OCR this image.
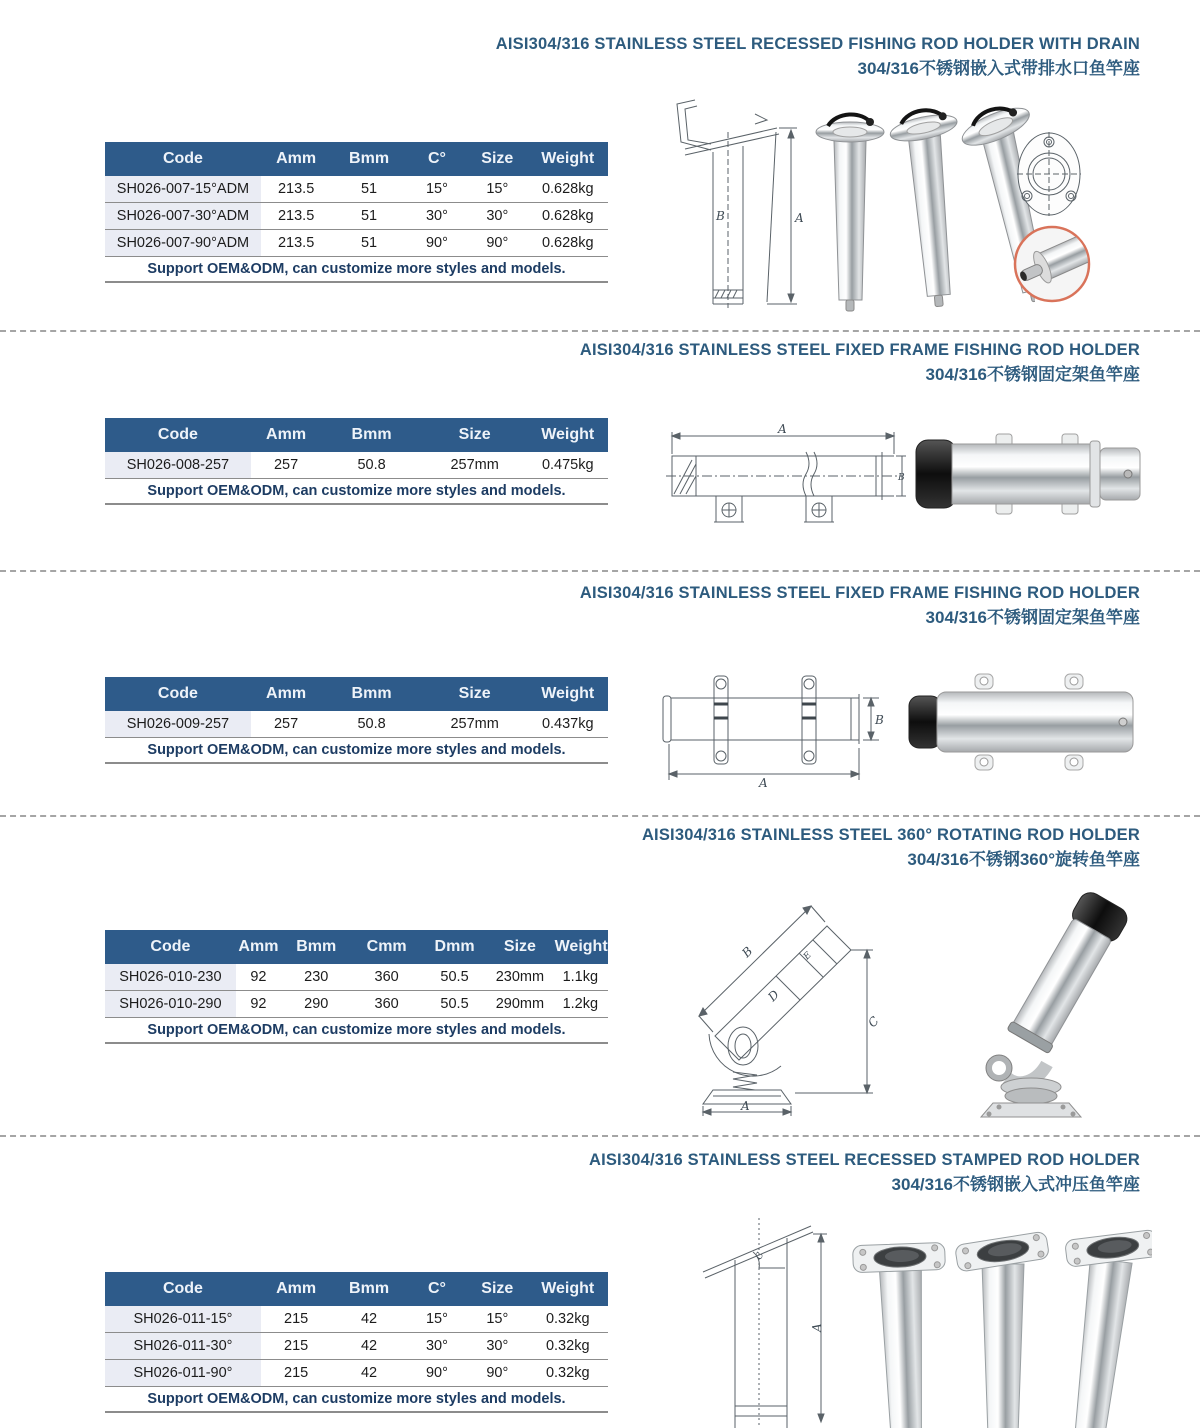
AISI304/316 STAINLESS STEEL RECESSED FISHING ROD HOLDER WITH DRAIN
304/316不锈钢嵌入式带排水口鱼竿座
Code	Amm	Bmm	C°	Size	Weight
SH026-007-15°ADM	213.5	51	15°	15°	0.628kg
SH026-007-30°ADM	213.5	51	30°	30°	0.628kg
SH026-007-90°ADM	213.5	51	90°	90°	0.628kg
Support OEM&ODM, can customize more styles and models.					
A
B
AISI304/316 STAINLESS STEEL FIXED FRAME FISHING ROD HOLDER
304/316不锈钢固定架鱼竿座
Code	Amm	Bmm	Size	Weight
SH026-008-257	257	50.8	257mm	0.475kg
Support OEM&ODM, can customize more styles and models.				
A
B
AISI304/316 STAINLESS STEEL FIXED FRAME FISHING ROD HOLDER
304/316不锈钢固定架鱼竿座
Code	Amm	Bmm	Size	Weight
SH026-009-257	257	50.8	257mm	0.437kg
Support OEM&ODM, can customize more styles and models.				
A
B
AISI304/316 STAINLESS STEEL 360° ROTATING ROD HOLDER
304/316不锈钢360°旋转鱼竿座
Code	Amm	Bmm	Cmm	Dmm	Size	Weight
SH026-010-230	92	230	360	50.5	230mm	1.1kg
SH026-010-290	92	290	360	50.5	290mm	1.2kg
Support OEM&ODM, can customize more styles and models.						
A
B
C
D
E
AISI304/316 STAINLESS STEEL RECESSED STAMPED ROD HOLDER
304/316不锈钢嵌入式冲压鱼竿座
Code	Amm	Bmm	C°	Size	Weight
SH026-011-15°	215	42	15°	15°	0.32kg
SH026-011-30°	215	42	30°	30°	0.32kg
SH026-011-90°	215	42	90°	90°	0.32kg
Support OEM&ODM, can customize more styles and models.					
A
C
